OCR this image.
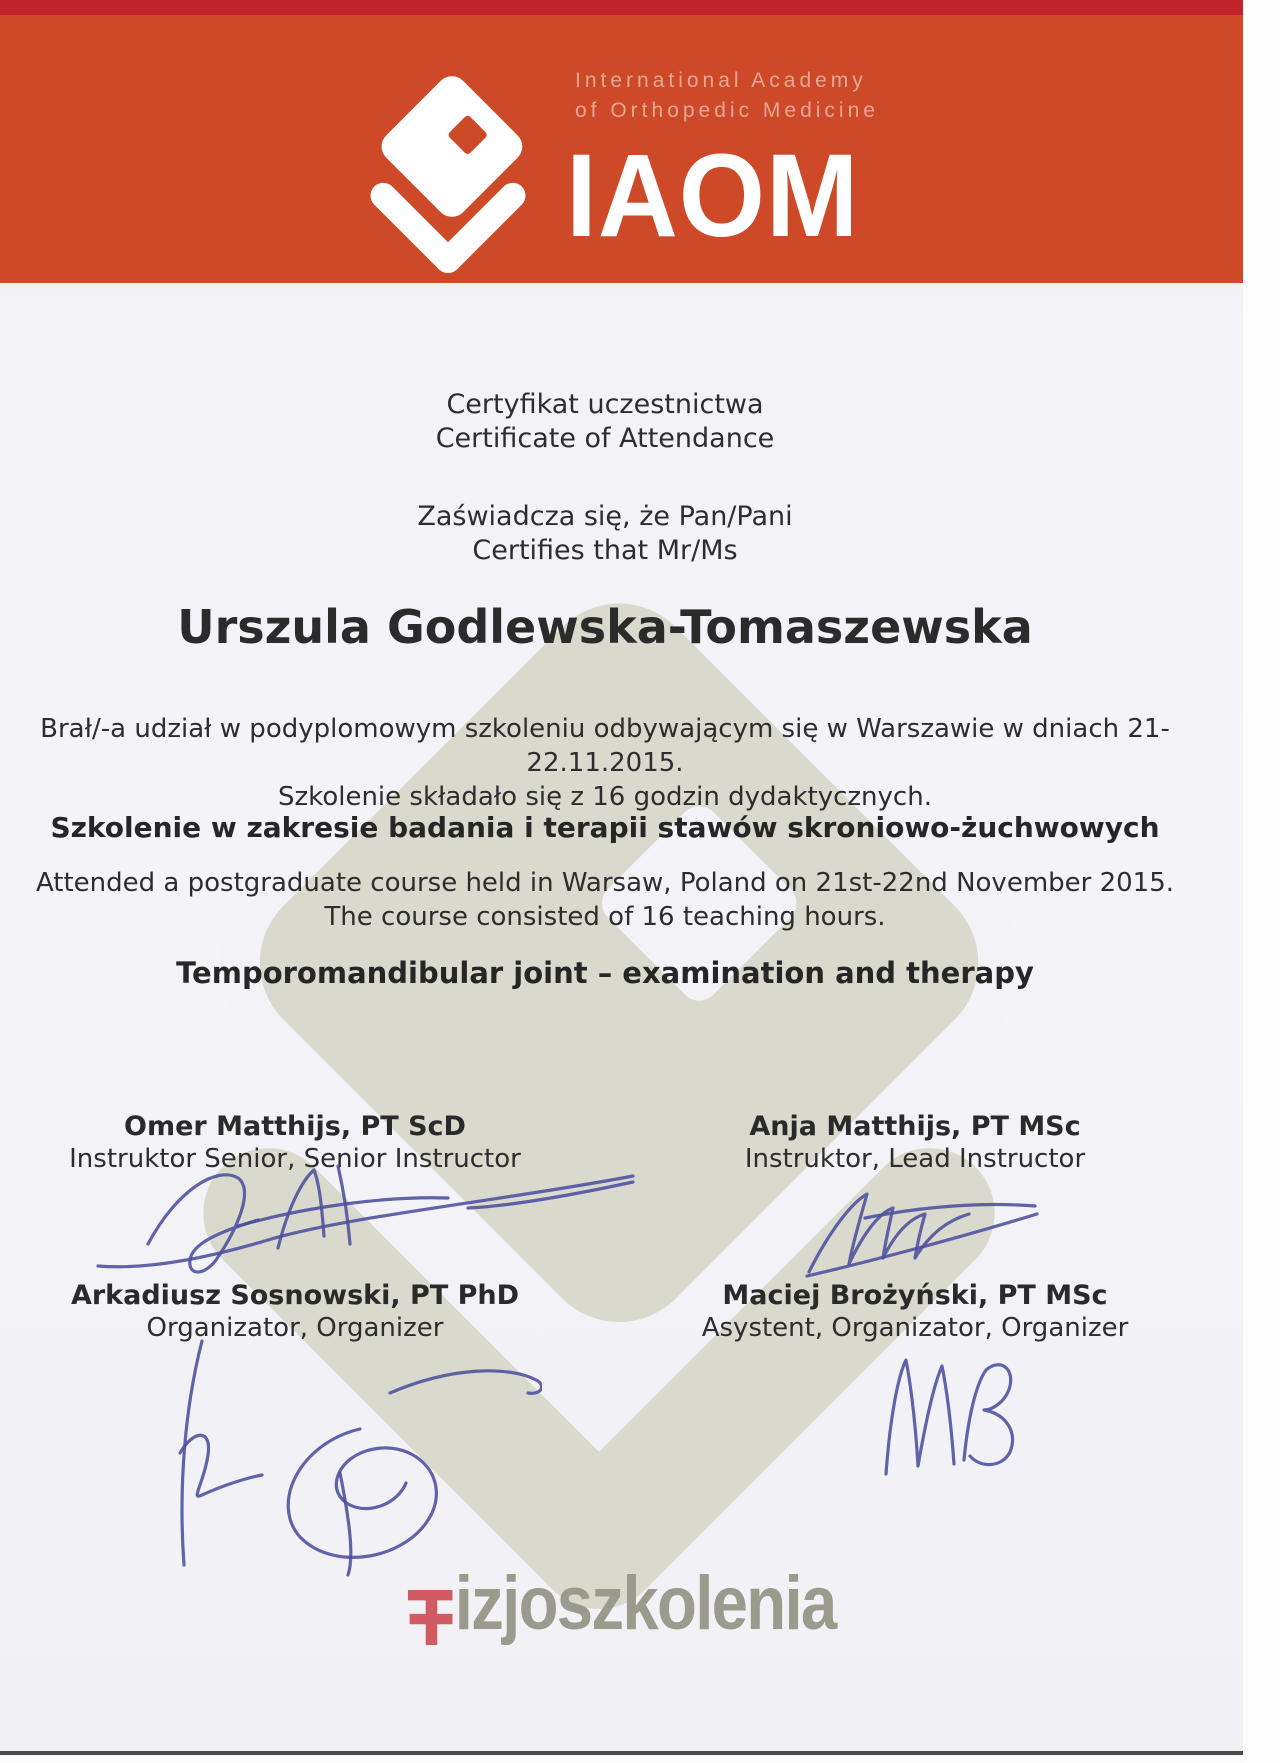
International Academy
of Orthopedic Medicine
IAOM
Certyfikat uczestnictwa
Certificate of Attendance
Zaświadcza się, że Pan/Pani
Certifies that Mr/Ms
Urszula Godlewska-Tomaszewska
Brał/-a udział w podyplomowym szkoleniu odbywającym się w Warszawie w dniach 21-22.11.2015.
Szkolenie składało się z 16 godzin dydaktycznych.
Szkolenie w zakresie badania i terapii stawów skroniowo-żuchwowych
Attended a postgraduate course held in Warsaw, Poland on 21st-22nd November 2015.
The course consisted of 16 teaching hours.
Temporomandibular joint – examination and therapy
Omer Matthijs, PT ScD
Instruktor Senior, Senior Instructor
Anja Matthijs, PT MSc
Instruktor, Lead Instructor
Arkadiusz Sosnowski, PT PhD
Organizator, Organizer
Maciej Brożyński, PT MSc
Asystent, Organizator, Organizer
izjoszkolenia
